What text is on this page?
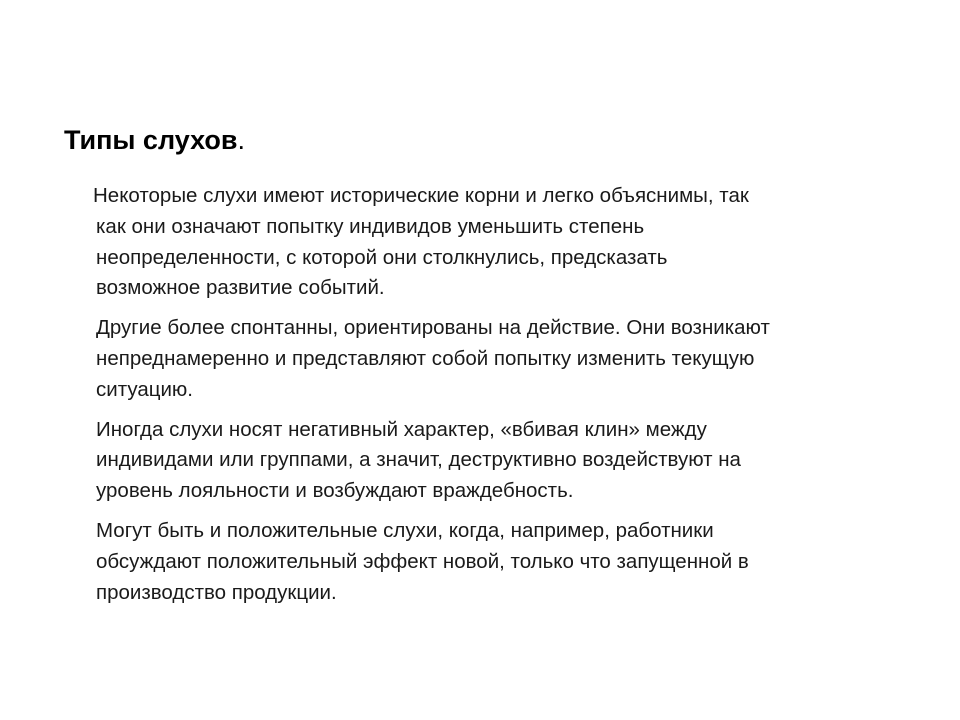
Типы слухов.

Некоторые слухи имеют исторические корни и легко объяснимы, так
как они означают попытку индивидов уменьшить степень
неопределенности, с которой они столкнулись, предсказать
возможное развитие событий.

Другие более спонтанны, ориентированы на действие. Они возникают
непреднамеренно и представляют собой попытку изменить текущую
ситуацию.

Иногда слухи носят негативный характер, «вбивая клин» между
индивидами или группами, а значит, деструктивно воздействуют на
уровень лояльности и возбуждают враждебность.

Могут быть и положительные слухи, когда, например, работники
обсуждают положительный эффект новой, только что запущенной в
производство продукции.
